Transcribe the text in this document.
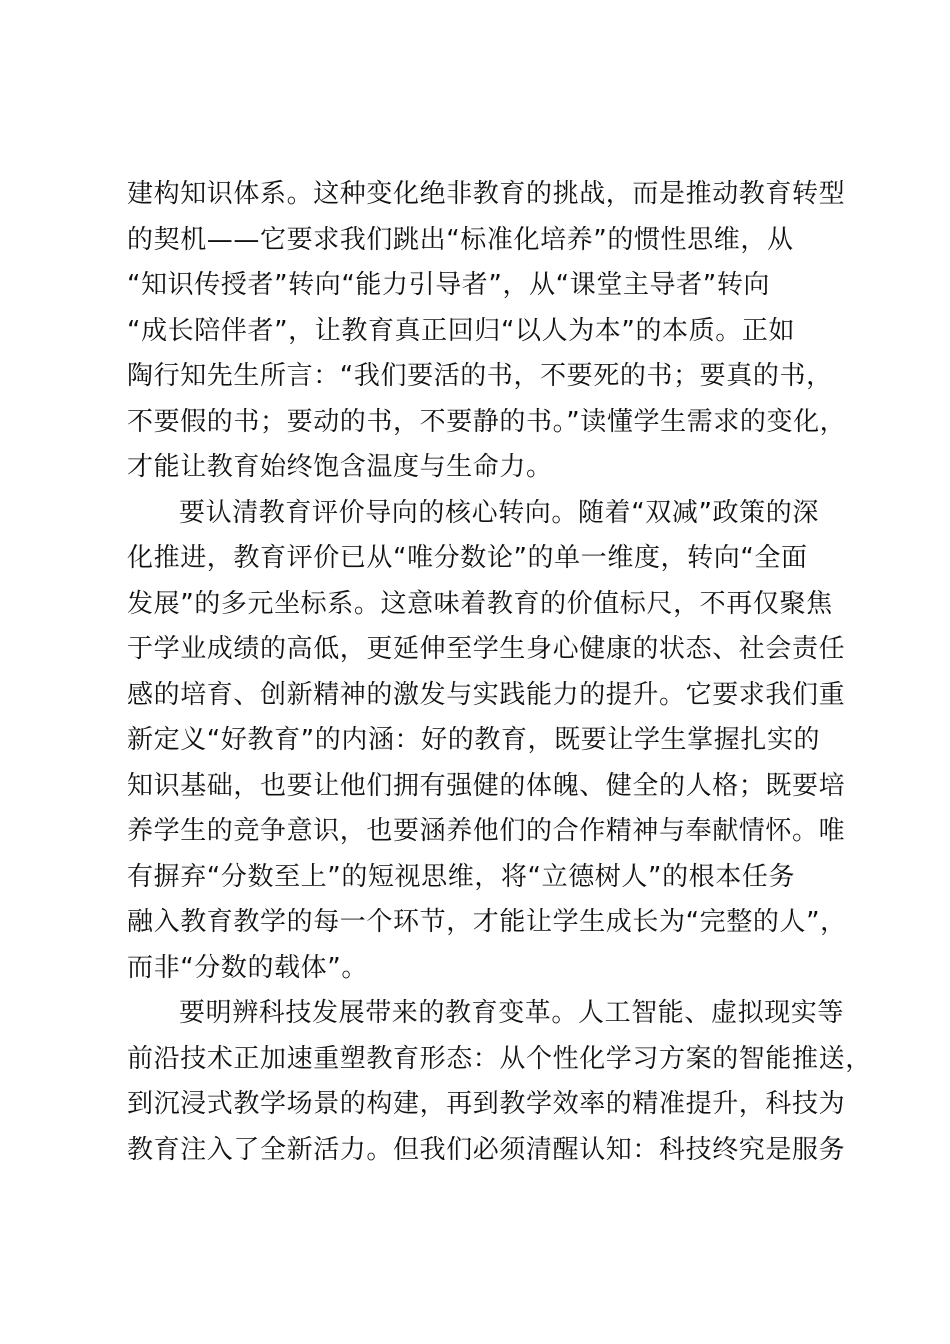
建构知识体系。这种变化绝非教育的挑战，而是推动教育转型
的契机——它要求我们跳出“标准化培养”的惯性思维，从
“知识传授者”转向“能力引导者”，从“课堂主导者”转向
“成长陪伴者”，让教育真正回归“以人为本”的本质。正如
陶行知先生所言：“我们要活的书，不要死的书；要真的书，
不要假的书；要动的书，不要静的书。”读懂学生需求的变化，
才能让教育始终饱含温度与生命力。
要认清教育评价导向的核心转向。随着“双减”政策的深
化推进，教育评价已从“唯分数论”的单一维度，转向“全面
发展”的多元坐标系。这意味着教育的价值标尺，不再仅聚焦
于学业成绩的高低，更延伸至学生身心健康的状态、社会责任
感的培育、创新精神的激发与实践能力的提升。它要求我们重
新定义“好教育”的内涵：好的教育，既要让学生掌握扎实的
知识基础，也要让他们拥有强健的体魄、健全的人格；既要培
养学生的竞争意识，也要涵养他们的合作精神与奉献情怀。唯
有摒弃“分数至上”的短视思维，将“立德树人”的根本任务
融入教育教学的每一个环节，才能让学生成长为“完整的人”，
而非“分数的载体”。
要明辨科技发展带来的教育变革。人工智能、虚拟现实等
前沿技术正加速重塑教育形态：从个性化学习方案的智能推送，
到沉浸式教学场景的构建，再到教学效率的精准提升，科技为
教育注入了全新活力。但我们必须清醒认知：科技终究是服务
